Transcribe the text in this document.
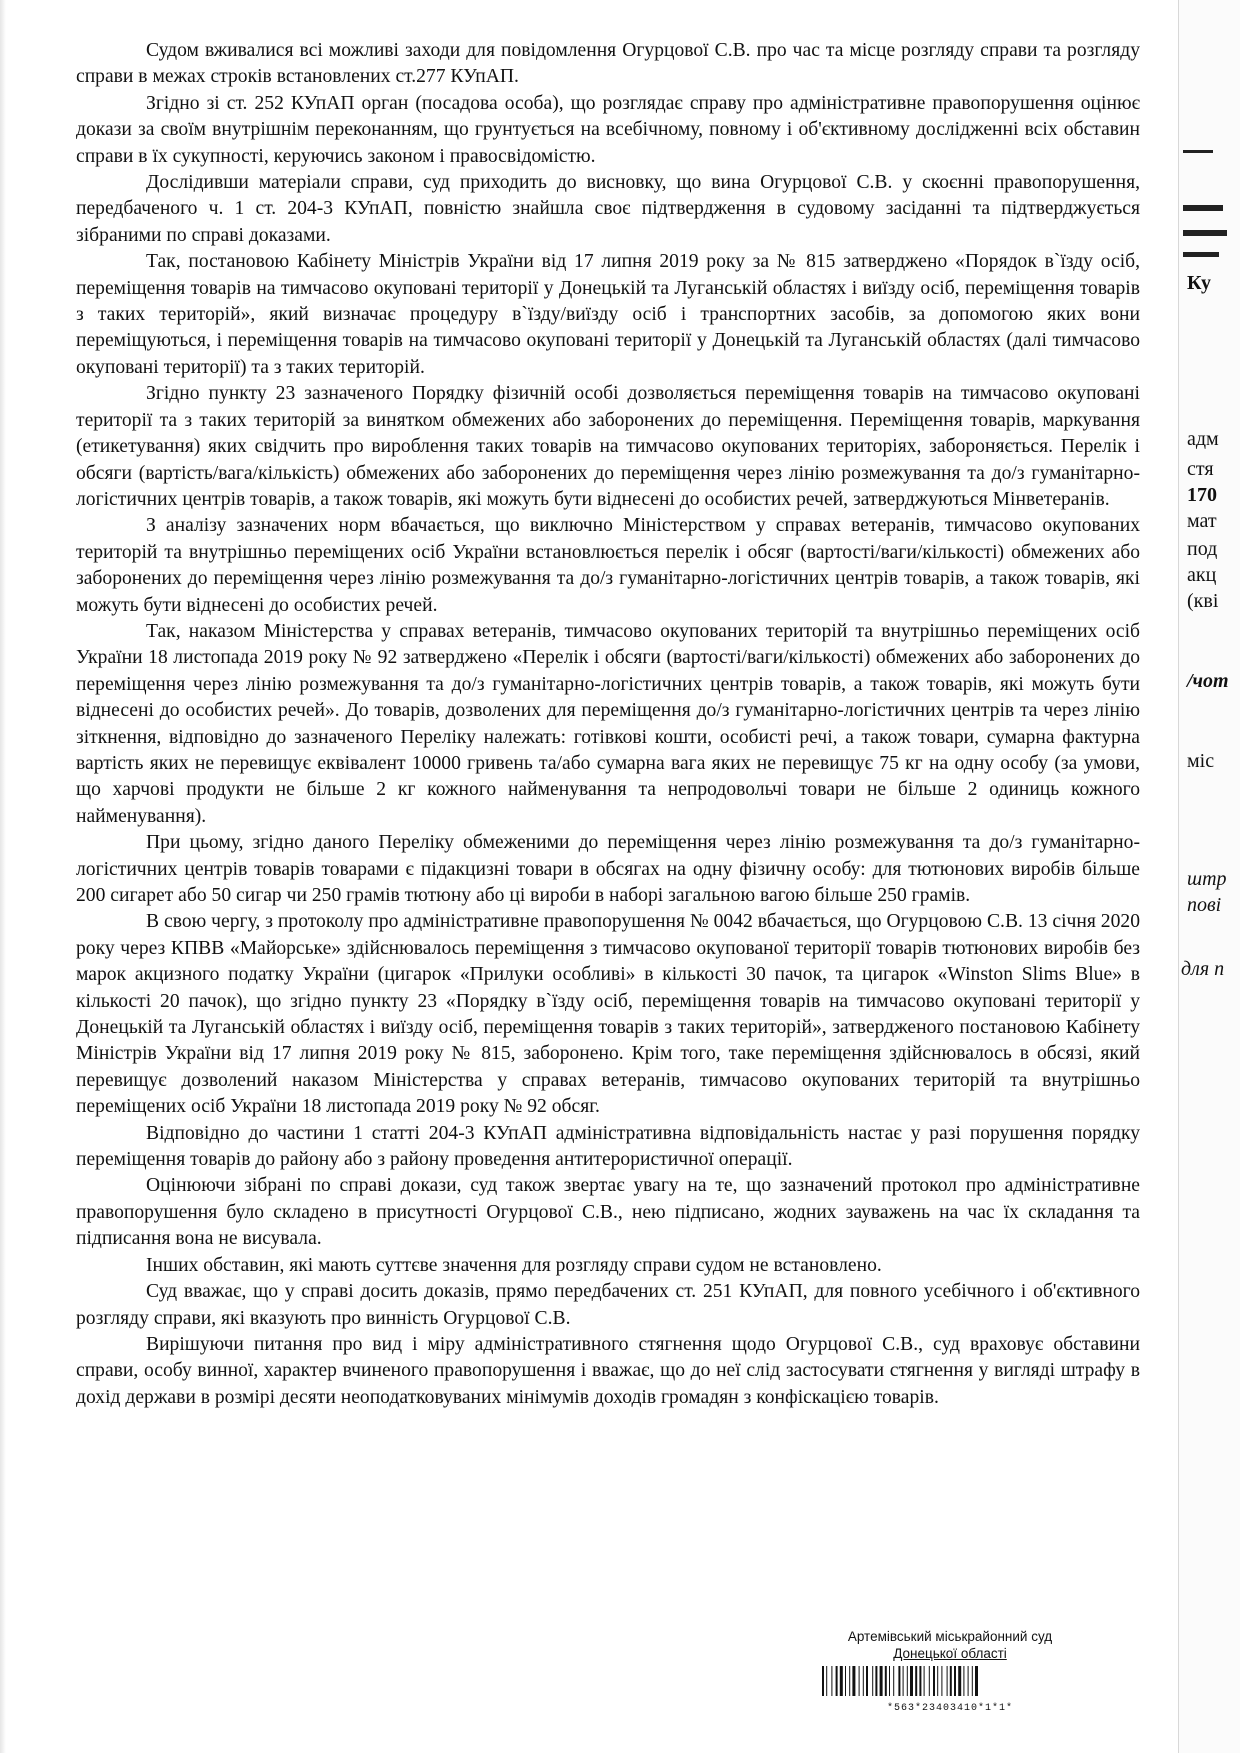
Судом вживалися всі можливі заходи для повідомлення Огурцової С.В. про час та місце розгляду справи та розгляду справи в межах строків встановлених ст.277 КУпАП.

Згідно зі ст. 252 КУпАП орган (посадова особа), що розглядає справу про адміністративне правопорушення оцінює докази за своїм внутрішнім переконанням, що грунтується на всебічному, повному і об'єктивному дослідженні всіх обставин справи в їх сукупності, керуючись законом і правосвідомістю.

Дослідивши матеріали справи, суд приходить до висновку, що вина Огурцової С.В. у скоєнні правопорушення, передбаченого ч. 1 ст. 204-3 КУпАП, повністю знайшла своє підтвердження в судовому засіданні та підтверджується зібраними по справі доказами.

Так, постановою Кабінету Міністрів України від 17 липня 2019 року за № 815 затверджено «Порядок в`їзду осіб, переміщення товарів на тимчасово окуповані території у Донецькій та Луганській областях і виїзду осіб, переміщення товарів з таких територій», який визначає процедуру в`їзду/виїзду осіб і транспортних засобів, за допомогою яких вони переміщуються, і переміщення товарів на тимчасово окуповані території у Донецькій та Луганській областях (далі тимчасово окуповані території) та з таких територій.

Згідно пункту 23 зазначеного Порядку фізичній особі дозволяється переміщення товарів на тимчасово окуповані території та з таких територій за винятком обмежених або заборонених до переміщення. Переміщення товарів, маркування (етикетування) яких свідчить про вироблення таких товарів на тимчасово окупованих територіях, забороняється. Перелік і обсяги (вартість/вага/кількість) обмежених або заборонених до переміщення через лінію розмежування та до/з гуманітарно-логістичних центрів товарів, а також товарів, які можуть бути віднесені до особистих речей, затверджуються Мінветеранів.

З аналізу зазначених норм вбачається, що виключно Міністерством у справах ветеранів, тимчасово окупованих територій та внутрішньо переміщених осіб України встановлюється перелік і обсяг (вартості/ваги/кількості) обмежених або заборонених до переміщення через лінію розмежування та до/з гуманітарно-логістичних центрів товарів, а також товарів, які можуть бути віднесені до особистих речей.

Так, наказом Міністерства у справах ветеранів, тимчасово окупованих територій та внутрішньо переміщених осіб України 18 листопада 2019 року № 92 затверджено «Перелік і обсяги (вартості/ваги/кількості) обмежених або заборонених до переміщення через лінію розмежування та до/з гуманітарно-логістичних центрів товарів, а також товарів, які можуть бути віднесені до особистих речей». До товарів, дозволених для переміщення до/з гуманітарно-логістичних центрів та через лінію зіткнення, відповідно до зазначеного Переліку належать: готівкові кошти, особисті речі, а також товари, сумарна фактурна вартість яких не перевищує еквівалент 10000 гривень та/або сумарна вага яких не перевищує 75 кг на одну особу (за умови, що харчові продукти не більше 2 кг кожного найменування та непродовольчі товари не більше 2 одиниць кожного найменування).

При цьому, згідно даного Переліку обмеженими до переміщення через лінію розмежування та до/з гуманітарно-логістичних центрів товарів товарами є підакцизні товари в обсягах на одну фізичну особу: для тютюнових виробів більше 200 сигарет або 50 сигар чи 250 грамів тютюну або ці вироби в наборі загальною вагою більше 250 грамів.

В свою чергу, з протоколу про адміністративне правопорушення № 0042 вбачається, що Огурцовою С.В. 13 січня 2020 року через КПВВ «Майорське» здійснювалось переміщення з тимчасово окупованої території товарів тютюнових виробів без марок акцизного податку України (цигарок «Прилуки особливі» в кількості 30 пачок, та цигарок «Winston Slims Blue» в кількості 20 пачок), що згідно пункту 23 «Порядку в`їзду осіб, переміщення товарів на тимчасово окуповані території у Донецькій та Луганській областях і виїзду осіб, переміщення товарів з таких територій», затвердженого постановою Кабінету Міністрів України від 17 липня 2019 року № 815, заборонено. Крім того, таке переміщення здійснювалось в обсязі, який перевищує дозволений наказом Міністерства у справах ветеранів, тимчасово окупованих територій та внутрішньо переміщених осіб України 18 листопада 2019 року № 92 обсяг.

Відповідно до частини 1 статті 204-3 КУпАП адміністративна відповідальність настає у разі порушення порядку переміщення товарів до району або з району проведення антитерористичної операції.

Оцінюючи зібрані по справі докази, суд також звертає увагу на те, що зазначений протокол про адміністративне правопорушення було складено в присутності Огурцової С.В., нею підписано, жодних зауважень на час їх складання та підписання вона не висувала.

Інших обставин, які мають суттєве значення для розгляду справи судом не встановлено.

Суд вважає, що у справі досить доказів, прямо передбачених ст. 251 КУпАП, для повного усебічного і об'єктивного розгляду справи, які вказують про винність Огурцової С.В.

Вирішуючи питання про вид і міру адміністративного стягнення щодо Огурцової С.В., суд враховує обставини справи, особу винної, характер вчиненого правопорушення і вважає, що до неї слід застосувати стягнення у вигляді штрафу в дохід держави в розмірі десяти неоподатковуваних мінімумів доходів громадян з конфіскацією товарів.

Ку
адм
стя
170
мат
под
акц
(кві
/чот
міс
штр
пові
для п
Артемівський міськрайонний суд
Донецької області
*563*23403410*1*1*
